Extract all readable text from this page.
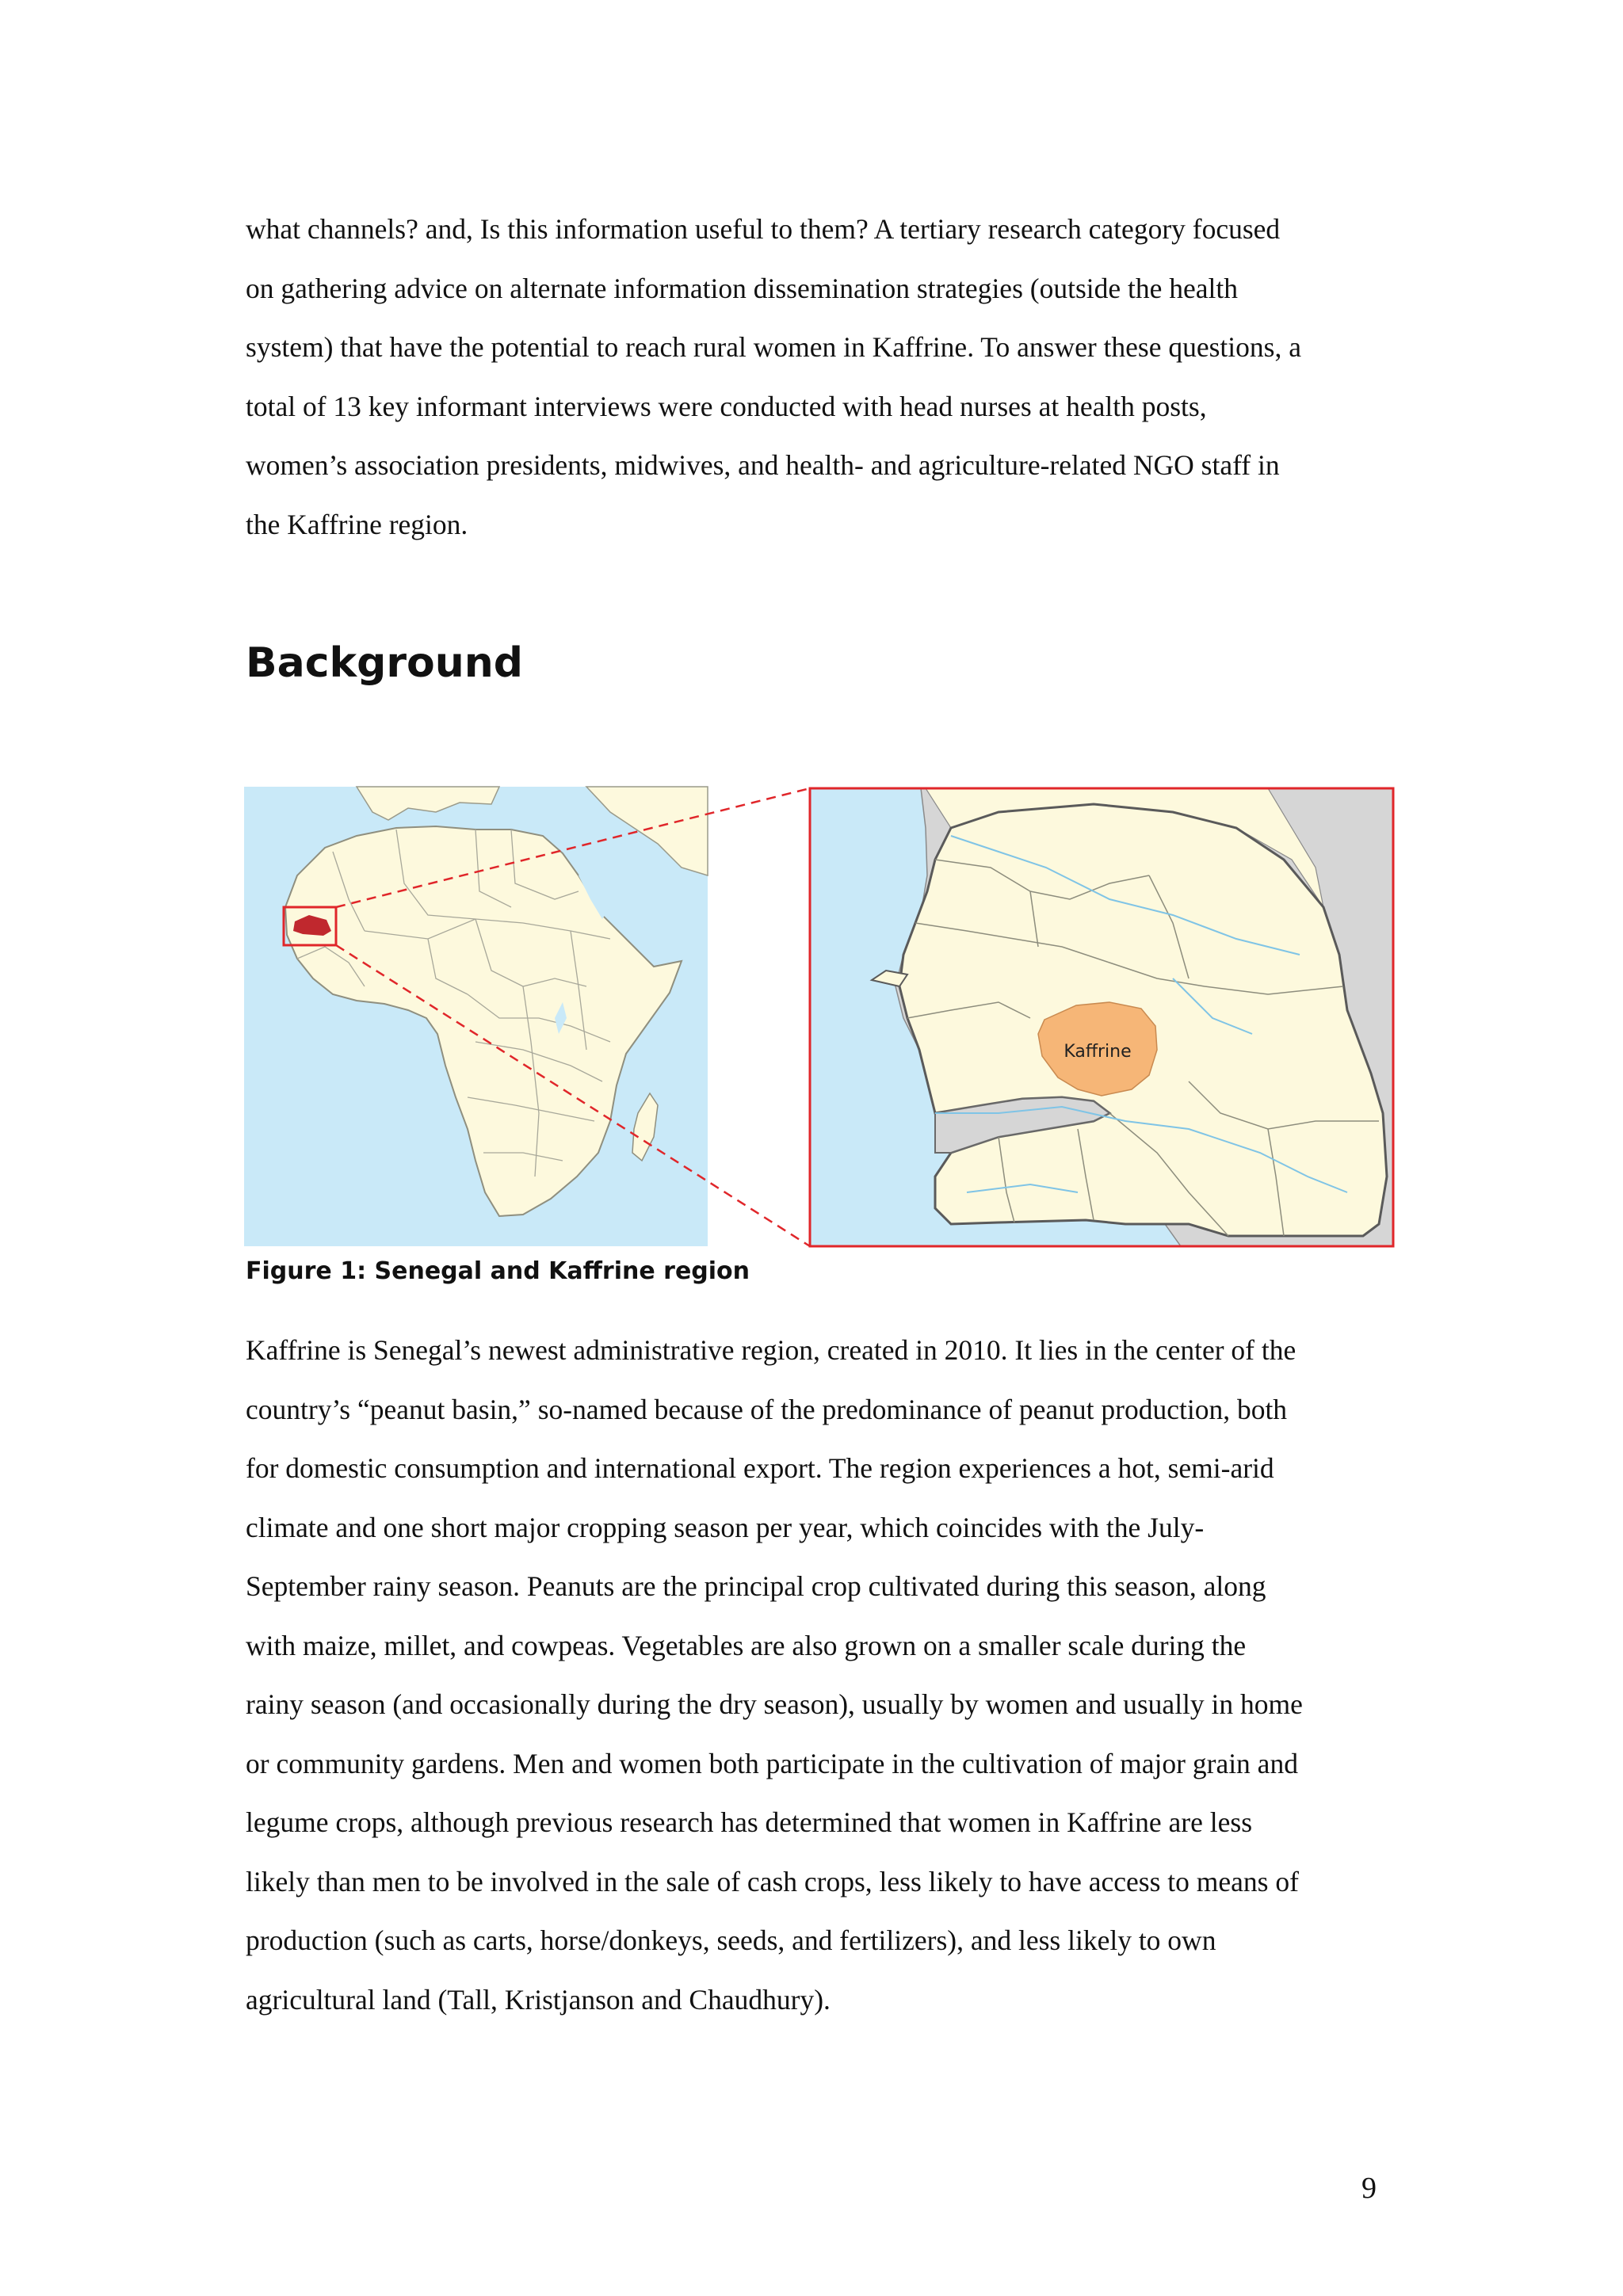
what channels? and, Is this information useful to them? A tertiary research category focused
on gathering advice on alternate information dissemination strategies (outside the health
system) that have the potential to reach rural women in Kaffrine. To answer these questions, a
total of 13 key informant interviews were conducted with head nurses at health posts,
women’s association presidents, midwives, and health- and agriculture-related NGO staff in
the Kaffrine region.
Background
Kaffrine

Figure 1: Senegal and Kaffrine region

Kaffrine is Senegal’s newest administrative region, created in 2010. It lies in the center of the
country’s “peanut basin,” so-named because of the predominance of peanut production, both
for domestic consumption and international export. The region experiences a hot, semi-arid
climate and one short major cropping season per year, which coincides with the July-
September rainy season. Peanuts are the principal crop cultivated during this season, along
with maize, millet, and cowpeas. Vegetables are also grown on a smaller scale during the
rainy season (and occasionally during the dry season), usually by women and usually in home
or community gardens. Men and women both participate in the cultivation of major grain and
legume crops, although previous research has determined that women in Kaffrine are less
likely than men to be involved in the sale of cash crops, less likely to have access to means of
production (such as carts, horse/donkeys, seeds, and fertilizers), and less likely to own
agricultural land (Tall, Kristjanson and Chaudhury).
9
